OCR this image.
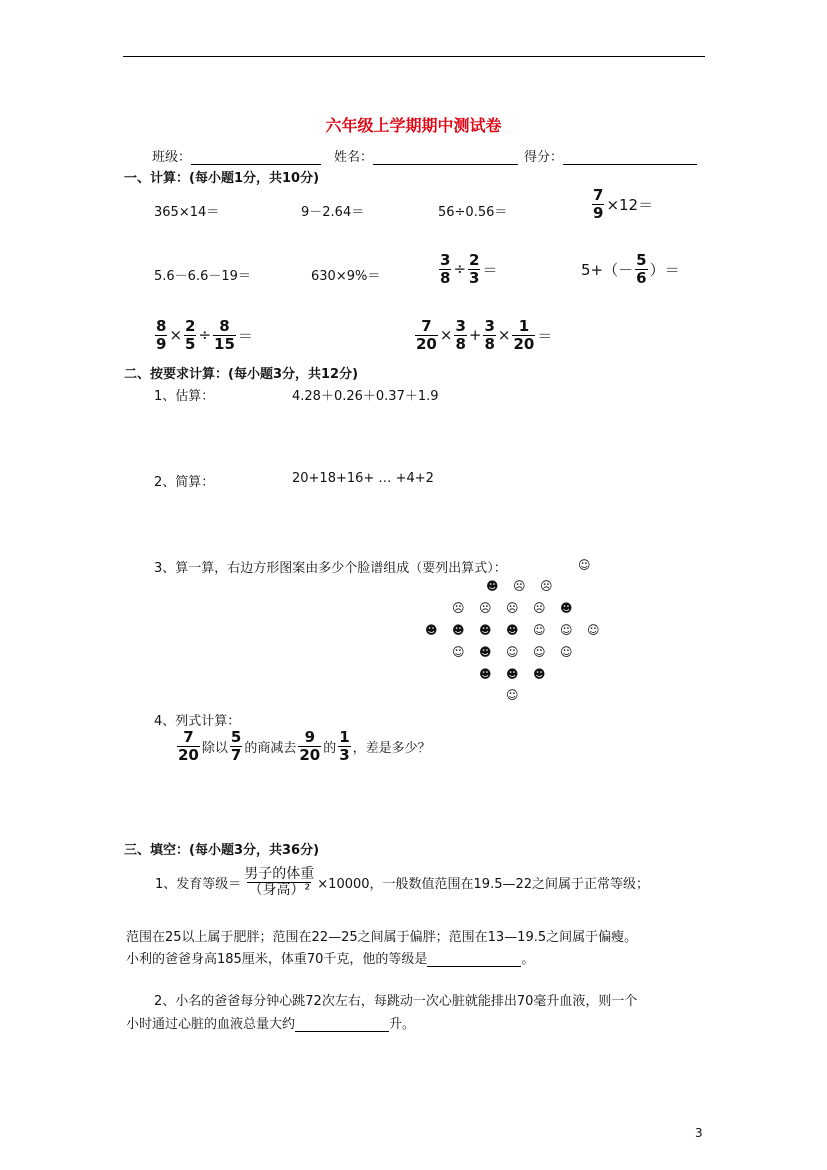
六年级上学期期中测试卷
班级：	姓名：	得分：
一、计算：(每小题1分，共10分)
365×14＝	9－2.64＝	56÷0.56＝	$\frac{7}{9} \times 12=$
5.6－6.6－19＝	630×9%＝	$\frac{3}{8} \div \frac{2}{3}$ ＝	$5+(- \frac{5}{6}$ ）＝
$\frac{8}{9} \times \frac{2}{5} \div \frac{8}{15}$ ＝	$\frac{7}{20} \times \frac{3}{8} + \frac{3}{8} \times \frac{1}{20}$ ＝
二、按要求计算：(每小题3分，共12分)
1、估算：	4.28＋0.26＋0.37＋1.9
2、简算：	20+18+16+ … +4+2
3、算一算，右边方形图案由多少个脸谱组成（要列出算式）：	☺
☻ ☹ ☹
☹ ☹ ☹ ☹ ☻
☻ ☻ ☻ ☻ ☺ ☺ ☺
☺ ☻ ☺ ☺ ☺
☻ ☻ ☻
☺
4、列式计算：
$\frac{7}{20}$ 除以 $\frac{5}{7}$ 的商减去 $\frac{9}{20}$ 的 $\frac{1}{3}$ ，差是多少？
三、填空：(每小题3分，共36分)
1、发育等级＝ $\frac{\text{男子的体重}}{\text{（身高）²}} \times 10000$，一般数值范围在19.5—22之间属于正常等级；
范围在25以上属于肥胖；范围在22—25之间属于偏胖；范围在13—19.5之间属于偏瘦。
小利的爸爸身高185厘米，体重70千克，他的等级是	。
2、小名的爸爸每分钟心跳72次左右，每跳动一次心脏就能排出70毫升血液，则一个
小时通过心脏的血液总量大约	升。
3
